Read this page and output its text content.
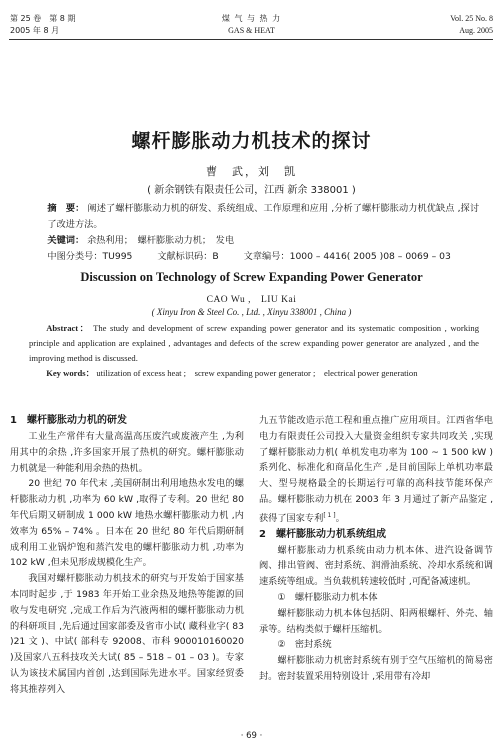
第 25 卷　第 8 期
2005 年 8 月
煤 气 与 热 力
GAS & HEAT
Vol. 25 No. 8
Aug. 2005
螺杆膨胀动力机技术的探讨
曹　武，刘　凯
( 新余钢铁有限责任公司，江西 新余 338001 )

摘　要： 阐述了螺杆膨胀动力机的研发、系统组成、工作原理和应用 ,分析了螺杆膨胀动力机优缺点 ,探讨了改进方法。

关键词： 余热利用；　螺杆膨胀动力机；　发电

中图分类号：TU995	文献标识码：B	文章编号：1000 – 4416( 2005 )08 – 0069 – 03
Discussion on Technology of Screw Expanding Power Generator
CAO Wu ,　LIU Kai
( Xinyu Iron & Steel Co. , Ltd. , Xinyu 338001 , China )
Abstract： The study and development of screw expanding power generator and its systematic composition , working principle and application are explained , advantages and defects of the screw expanding power generator are analyzed , and the improving method is discussed.
Key words： utilization of excess heat ;　screw expanding power generator ;　electrical power generation
1　螺杆膨胀动力机的研发

工业生产常伴有大量高温高压废汽或废液产生 ,为利用其中的余热 ,许多国家开展了热机的研究。螺杆膨胀动力机就是一种能利用余热的热机。

20 世纪 70 年代末 ,美国研制出利用地热水发电的螺杆膨胀动力机 ,功率为 60 kW ,取得了专利。20 世纪 80 年代后期又研制成 1 000 kW 地热水螺杆膨胀动力机 ,内效率为 65% – 74% 。日本在 20 世纪 80 年代后期研制成利用工业锅炉饱和蒸汽发电的螺杆膨胀动力机 ,功率为 102 kW ,但未见形成规模化生产。

我国对螺杆膨胀动力机技术的研究与开发始于国家基本同时起步 ,于 1983 年开始工业余热及地热等能源的回收与发电研究 ,完成工作后为汽液两相的螺杆膨胀动力机的科研项目 ,先后通过国家部委及省市小试( 藏科业字( 83 )21 文 )、中试( 部科专 92008、市科 900010160020 )及国家八五科技攻关大试( 85 – 518 – 01 – 03 )。专家认为该技术属国内首创 ,达到国际先进水平。国家经贸委将其推荐列入

九五节能改造示范工程和重点推广应用项目。江西省华电电力有限责任公司投入大量资金组织专家共同攻关 ,实现了螺杆膨胀动力机( 单机发电功率为 100 ~ 1 500 kW )系列化、标准化和商品化生产 ,是目前国际上单机功率最大、型号规格最全的长期运行可靠的高科技节能环保产品。螺杆膨胀动力机在 2003 年 3 月通过了新产品鉴定 ,获得了国家专利[ 1 ]。

2　螺杆膨胀动力机系统组成

螺杆膨胀动力机系统由动力机本体、进汽设备调节阀、排出管阀、密封系统、润滑油系统、冷却水系统和调速系统等组成。当负载机转速较低时 ,可配备减速机。

①　螺杆膨胀动力机本体

螺杆膨胀动力机本体包括阴、阳两根螺杆、外壳、轴承等。结构类似于螺杆压缩机。

②　密封系统

螺杆膨胀动力机密封系统有别于空气压缩机的简易密封。密封装置采用特别设计 ,采用带有冷却

· 69 ·
